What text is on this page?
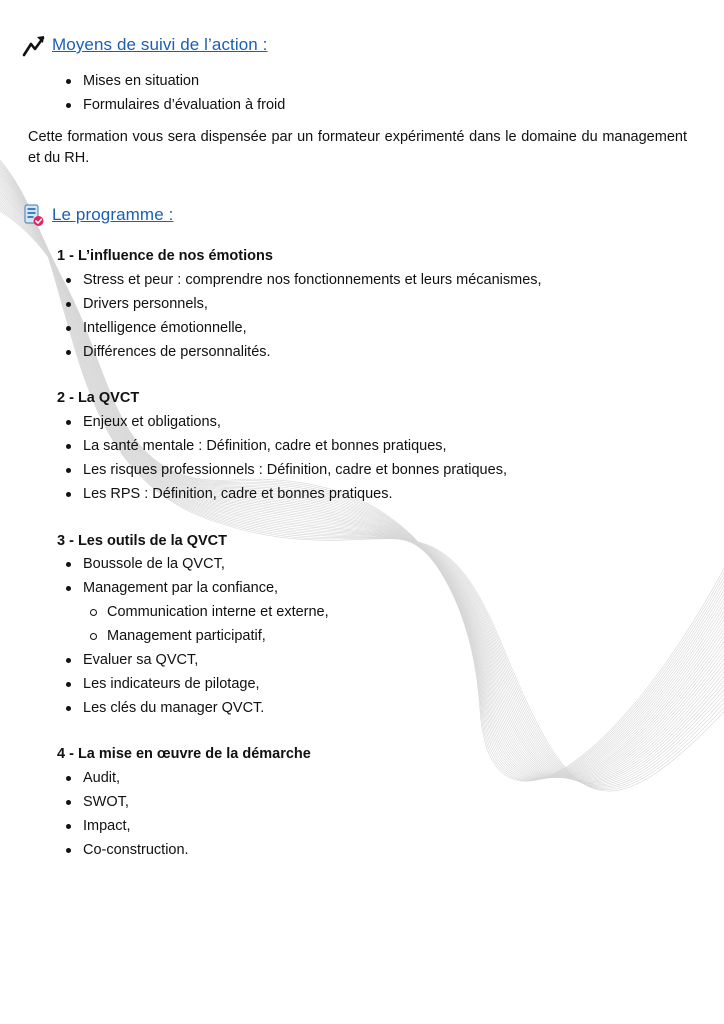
Moyens de suivi de l’action :
Mises en situation
Formulaires d’évaluation à froid

Cette formation vous sera dispensée par un formateur expérimenté dans le domaine du management et du RH.

Le programme :
1 - L’influence de nos émotions
Stress et peur : comprendre nos fonctionnements et leurs mécanismes,
Drivers personnels,
Intelligence émotionnelle,
Différences de personnalités.
2 - La QVCT
Enjeux et obligations,
La santé mentale : Définition, cadre et bonnes pratiques,
Les risques professionnels : Définition, cadre et bonnes pratiques,
Les RPS : Définition, cadre et bonnes pratiques.
3 - Les outils de la QVCT
Boussole de la QVCT,
Management par la confiance,
Communication interne et externe,
Management participatif,
Evaluer sa QVCT,
Les indicateurs de pilotage,
Les clés du manager QVCT.
4 - La mise en œuvre de la démarche
Audit,
SWOT,
Impact,
Co-construction.
